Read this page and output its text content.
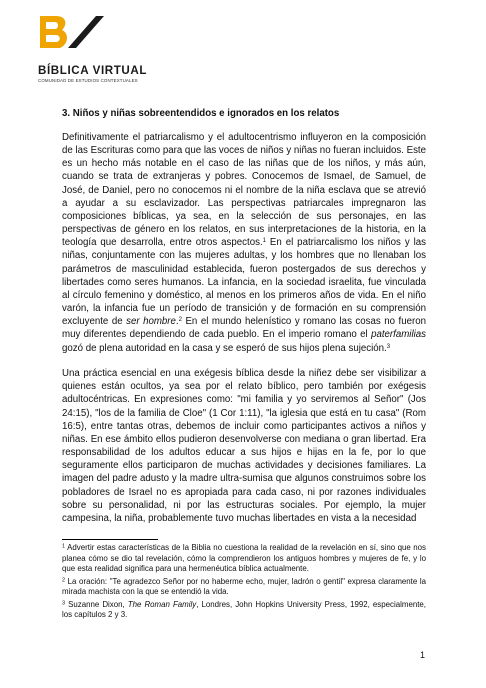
BÍBLICA VIRTUAL
COMUNIDAD DE ESTUDIOS CONTEXTUALES
3. Niños y niñas sobreentendidos e ignorados en los relatos

Definitivamente el patriarcalismo y el adultocentrismo influyeron en la composición de las Escrituras como para que las voces de niños y niñas no fueran incluidos. Este es un hecho más notable en el caso de las niñas que de los niños, y más aún, cuando se trata de extranjeras y pobres. Conocemos de Ismael, de Samuel, de José, de Daniel, pero no conocemos ni el nombre de la niña esclava que se atrevió a ayudar a su esclavizador. Las perspectivas patriarcales impregnaron las composiciones bíblicas, ya sea, en la selección de sus personajes, en las perspectivas de género en los relatos, en sus interpretaciones de la historia, en la teología que desarrolla, entre otros aspectos.$^1$ En el patriarcalismo los niños y las niñas, conjuntamente con las mujeres adultas, y los hombres que no llenaban los parámetros de masculinidad establecida, fueron postergados de sus derechos y libertades como seres humanos. La infancia, en la sociedad israelita, fue vinculada al círculo femenino y doméstico, al menos en los primeros años de vida. En el niño varón, la infancia fue un período de transición y de formación en su comprensión excluyente de ser hombre.$^2$ En el mundo helenístico y romano las cosas no fueron muy diferentes dependiendo de cada pueblo. En el imperio romano el paterfamilias gozó de plena autoridad en la casa y se esperó de sus hijos plena sujeción.$^3$

Una práctica esencial en una exégesis bíblica desde la niñez debe ser visibilizar a quienes están ocultos, ya sea por el relato bíblico, pero también por exégesis adultocéntricas. En expresiones como: "mi familia y yo serviremos al Señor" (Jos 24:15), "los de la familia de Cloe" (1 Cor 1:11), "la iglesia que está en tu casa" (Rom 16:5), entre tantas otras, debemos de incluir como participantes activos a niños y niñas. En ese ámbito ellos pudieron desenvolverse con mediana o gran libertad. Era responsabilidad de los adultos educar a sus hijos e hijas en la fe, por lo que seguramente ellos participaron de muchas actividades y decisiones familiares. La imagen del padre adusto y la madre ultra-sumisa que algunos construimos sobre los pobladores de Israel no es apropiada para cada caso, ni por razones individuales sobre su personalidad, ni por las estructuras sociales. Por ejemplo, la mujer campesina, la niña, probablemente tuvo muchas libertades en vista a la necesidad

$^1$ Advertir estas características de la Biblia no cuestiona la realidad de la revelación en sí, sino que nos planea cómo se dio tal revelación, cómo la comprendieron los antiguos hombres y mujeres de fe, y lo que esta realidad significa para una hermenéutica bíblica actualmente.
$^2$ La oración: "Te agradezco Señor por no haberme echo, mujer, ladrón o gentil" expresa claramente la mirada machista con la que se entendió la vida.
$^3$ Suzanne Dixon, The Roman Family, Londres, John Hopkins University Press, 1992, especialmente, los capítulos 2 y 3.
1
